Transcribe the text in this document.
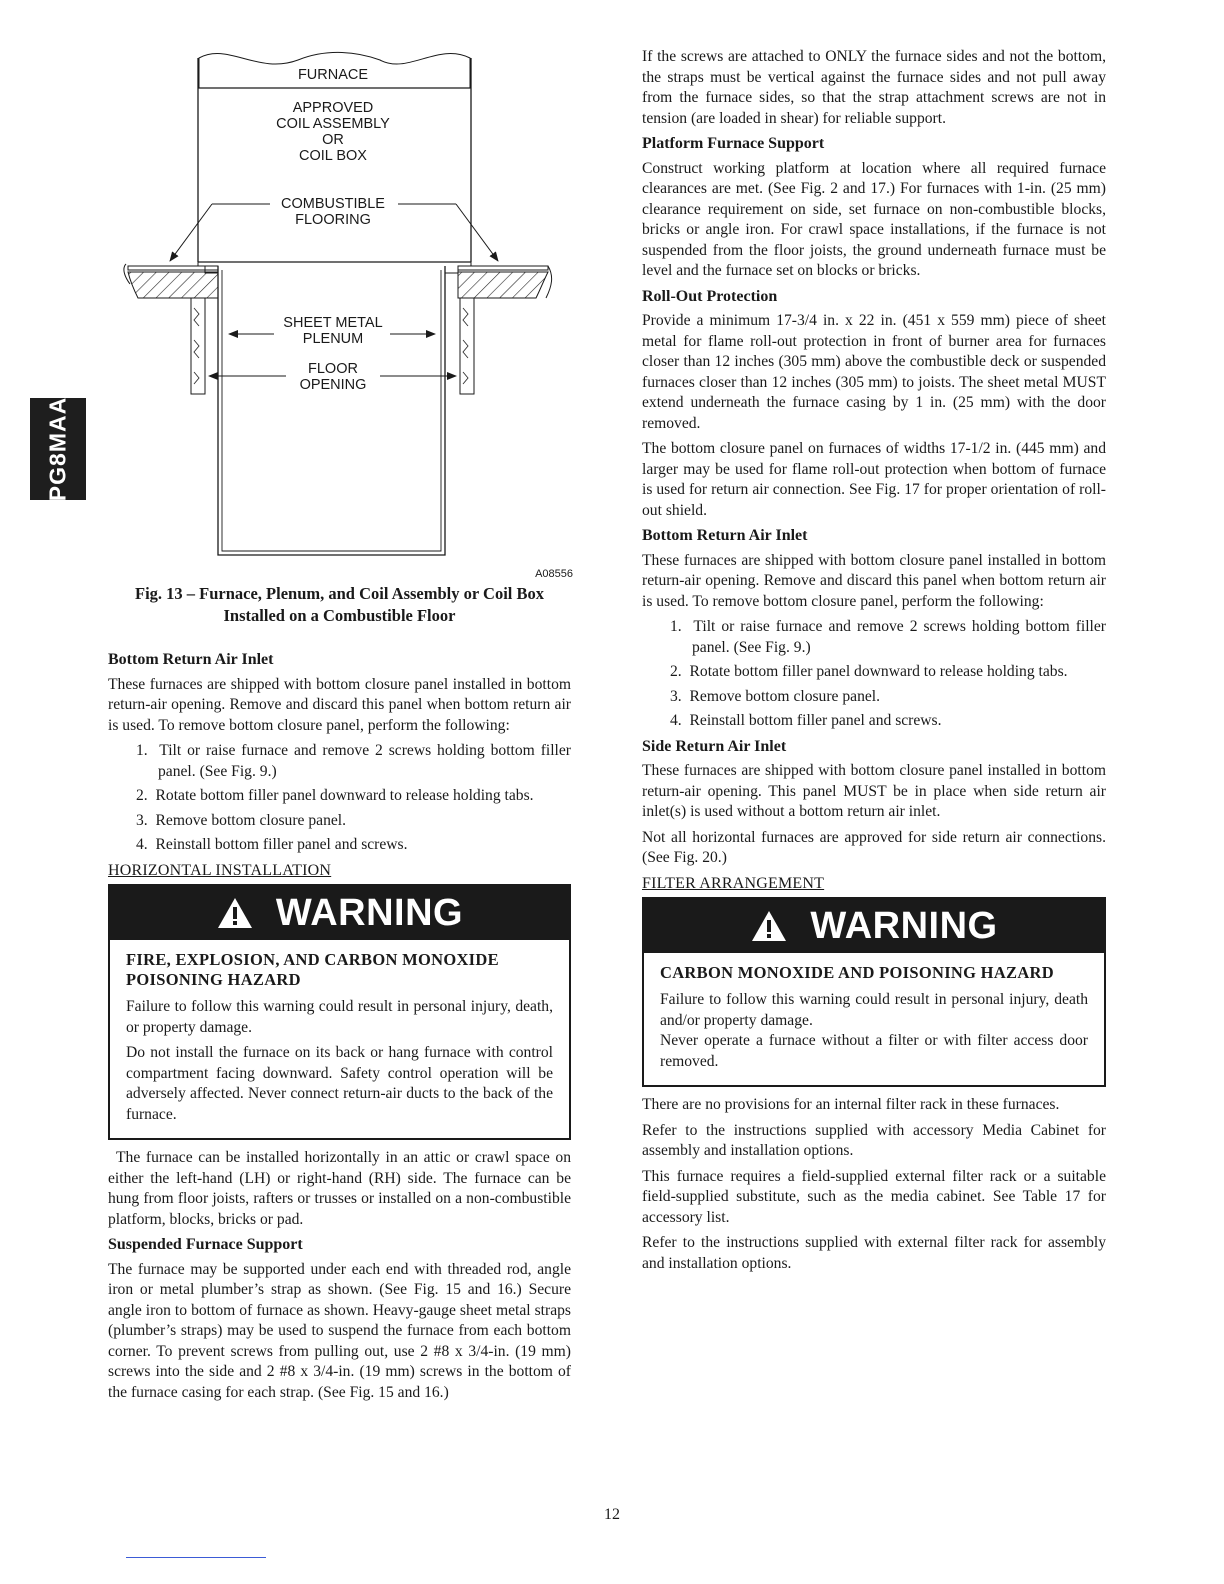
PG8MAA
FURNACE
APPROVED
COIL ASSEMBLY
OR
COIL BOX
COMBUSTIBLE
FLOORING
SHEET METAL
PLENUM
FLOOR
OPENING
A08556
Fig. 13 – Furnace, Plenum, and Coil Assembly or Coil Box
Installed on a Combustible Floor
Bottom Return Air Inlet

These furnaces are shipped with bottom closure panel installed in bottom return-air opening. Remove and discard this panel when bottom return air is used. To remove bottom closure panel, perform the following:

1.  Tilt or raise furnace and remove 2 screws holding bottom filler panel. (See Fig. 9.)
2.  Rotate bottom filler panel downward to release holding tabs.
3.  Remove bottom closure panel.
4.  Reinstall bottom filler panel and screws.
HORIZONTAL INSTALLATION
WARNING
FIRE, EXPLOSION, AND CARBON MONOXIDE POISONING HAZARD

Failure to follow this warning could result in personal injury, death, or property damage.

Do not install the furnace on its back or hang furnace with control compartment facing downward. Safety control operation will be adversely affected. Never connect return-air ducts to the back of the furnace.

The furnace can be installed horizontally in an attic or crawl space on either the left-hand (LH) or right-hand (RH) side. The furnace can be hung from floor joists, rafters or trusses or installed on a non-combustible platform, blocks, bricks or pad.

Suspended Furnace Support

The furnace may be supported under each end with threaded rod, angle iron or metal plumber’s strap as shown. (See Fig. 15 and 16.) Secure angle iron to bottom of furnace as shown. Heavy-gauge sheet metal straps (plumber’s straps) may be used to suspend the furnace from each bottom corner. To prevent screws from pulling out, use 2 #8 x 3/4-in. (19 mm) screws into the side and 2 #8 x 3/4-in. (19 mm) screws in the bottom of the furnace casing for each strap. (See Fig. 15 and 16.)

If the screws are attached to ONLY the furnace sides and not the bottom, the straps must be vertical against the furnace sides and not pull away from the furnace sides, so that the strap attachment screws are not in tension (are loaded in shear) for reliable support.

Platform Furnace Support

Construct working platform at location where all required furnace clearances are met. (See Fig. 2 and 17.) For furnaces with 1-in. (25 mm) clearance requirement on side, set furnace on non-combustible blocks, bricks or angle iron. For crawl space installations, if the furnace is not suspended from the floor joists, the ground underneath furnace must be level and the furnace set on blocks or bricks.

Roll-Out Protection

Provide a minimum 17-3/4 in. x 22 in. (451 x 559 mm) piece of sheet metal for flame roll-out protection in front of burner area for furnaces closer than 12 inches (305 mm) above the combustible deck or suspended furnaces closer than 12 inches (305 mm) to joists. The sheet metal MUST extend underneath the furnace casing by 1 in. (25 mm) with the door removed.

The bottom closure panel on furnaces of widths 17-1/2 in. (445 mm) and larger may be used for flame roll-out protection when bottom of furnace is used for return air connection. See Fig. 17 for proper orientation of roll-out shield.

Bottom Return Air Inlet

These furnaces are shipped with bottom closure panel installed in bottom return-air opening. Remove and discard this panel when bottom return air is used. To remove bottom closure panel, perform the following:

1.  Tilt or raise furnace and remove 2 screws holding bottom filler panel. (See Fig. 9.)
2.  Rotate bottom filler panel downward to release holding tabs.
3.  Remove bottom closure panel.
4.  Reinstall bottom filler panel and screws.
Side Return Air Inlet

These furnaces are shipped with bottom closure panel installed in bottom return-air opening. This panel MUST be in place when side return air inlet(s) is used without a bottom return air inlet.

Not all horizontal furnaces are approved for side return air connections. (See Fig. 20.)

FILTER ARRANGEMENT
WARNING
CARBON MONOXIDE AND POISONING HAZARD

Failure to follow this warning could result in personal injury, death and/or property damage.

Never operate a furnace without a filter or with filter access door removed.

There are no provisions for an internal filter rack in these furnaces.

Refer to the instructions supplied with accessory Media Cabinet for assembly and installation options.

This furnace requires a field-supplied external filter rack or a suitable field-supplied substitute, such as the media cabinet. See Table 17 for accessory list.

Refer to the instructions supplied with external filter rack for assembly and installation options.

12
